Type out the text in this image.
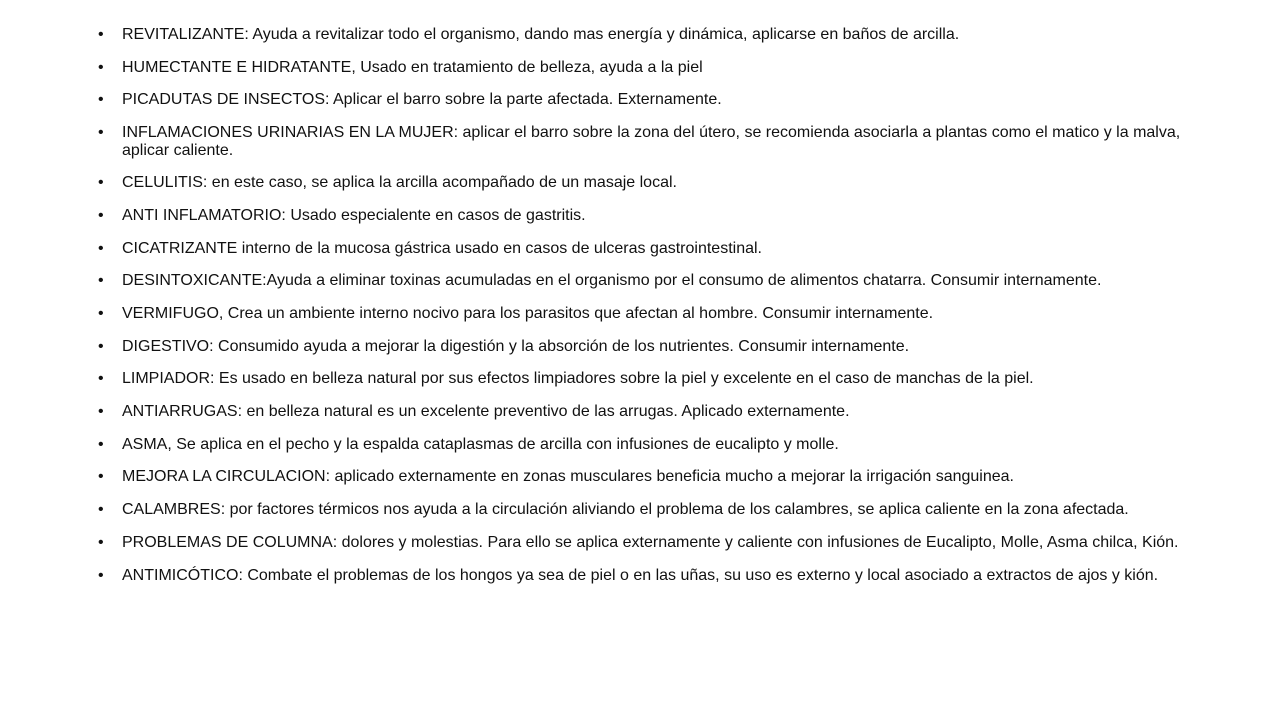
• REVITALIZANTE: Ayuda a revitalizar todo el organismo, dando mas energía y dinámica, aplicarse en baños de arcilla.
• HUMECTANTE E HIDRATANTE, Usado en tratamiento de belleza, ayuda a la piel
• PICADUTAS DE INSECTOS: Aplicar el barro sobre la parte afectada. Externamente.
• INFLAMACIONES URINARIAS EN LA MUJER: aplicar el barro sobre la zona del útero, se recomienda asociarla a plantas como el matico y la malva, aplicar caliente.
• CELULITIS: en este caso, se aplica la arcilla acompañado de un masaje local.
• ANTI INFLAMATORIO: Usado especialente en casos de gastritis.
• CICATRIZANTE interno de la mucosa gástrica usado en casos de ulceras gastrointestinal.
• DESINTOXICANTE:Ayuda a eliminar toxinas acumuladas en el organismo por el consumo de alimentos chatarra. Consumir internamente.
• VERMIFUGO, Crea un ambiente interno nocivo para los parasitos que afectan al hombre. Consumir internamente.
• DIGESTIVO: Consumido ayuda a mejorar la digestión y la absorción de los nutrientes. Consumir internamente.
• LIMPIADOR: Es usado en belleza natural por sus efectos limpiadores sobre la piel y excelente en el caso de manchas de la piel.
• ANTIARRUGAS: en belleza natural es un excelente preventivo de las arrugas. Aplicado externamente.
• ASMA, Se aplica en el pecho y la espalda cataplasmas de arcilla con infusiones de eucalipto y molle.
• MEJORA LA CIRCULACION: aplicado externamente en zonas musculares beneficia mucho a mejorar la irrigación sanguinea.
• CALAMBRES: por factores térmicos nos ayuda a la circulación aliviando el problema de los calambres, se aplica caliente en la zona afectada.
• PROBLEMAS DE COLUMNA: dolores y molestias. Para ello se aplica externamente y caliente con infusiones de Eucalipto, Molle, Asma chilca, Kión.
• ANTIMICÓTICO: Combate el problemas de los hongos ya sea de piel o en las uñas, su uso es externo y local asociado a extractos de ajos y kión.
